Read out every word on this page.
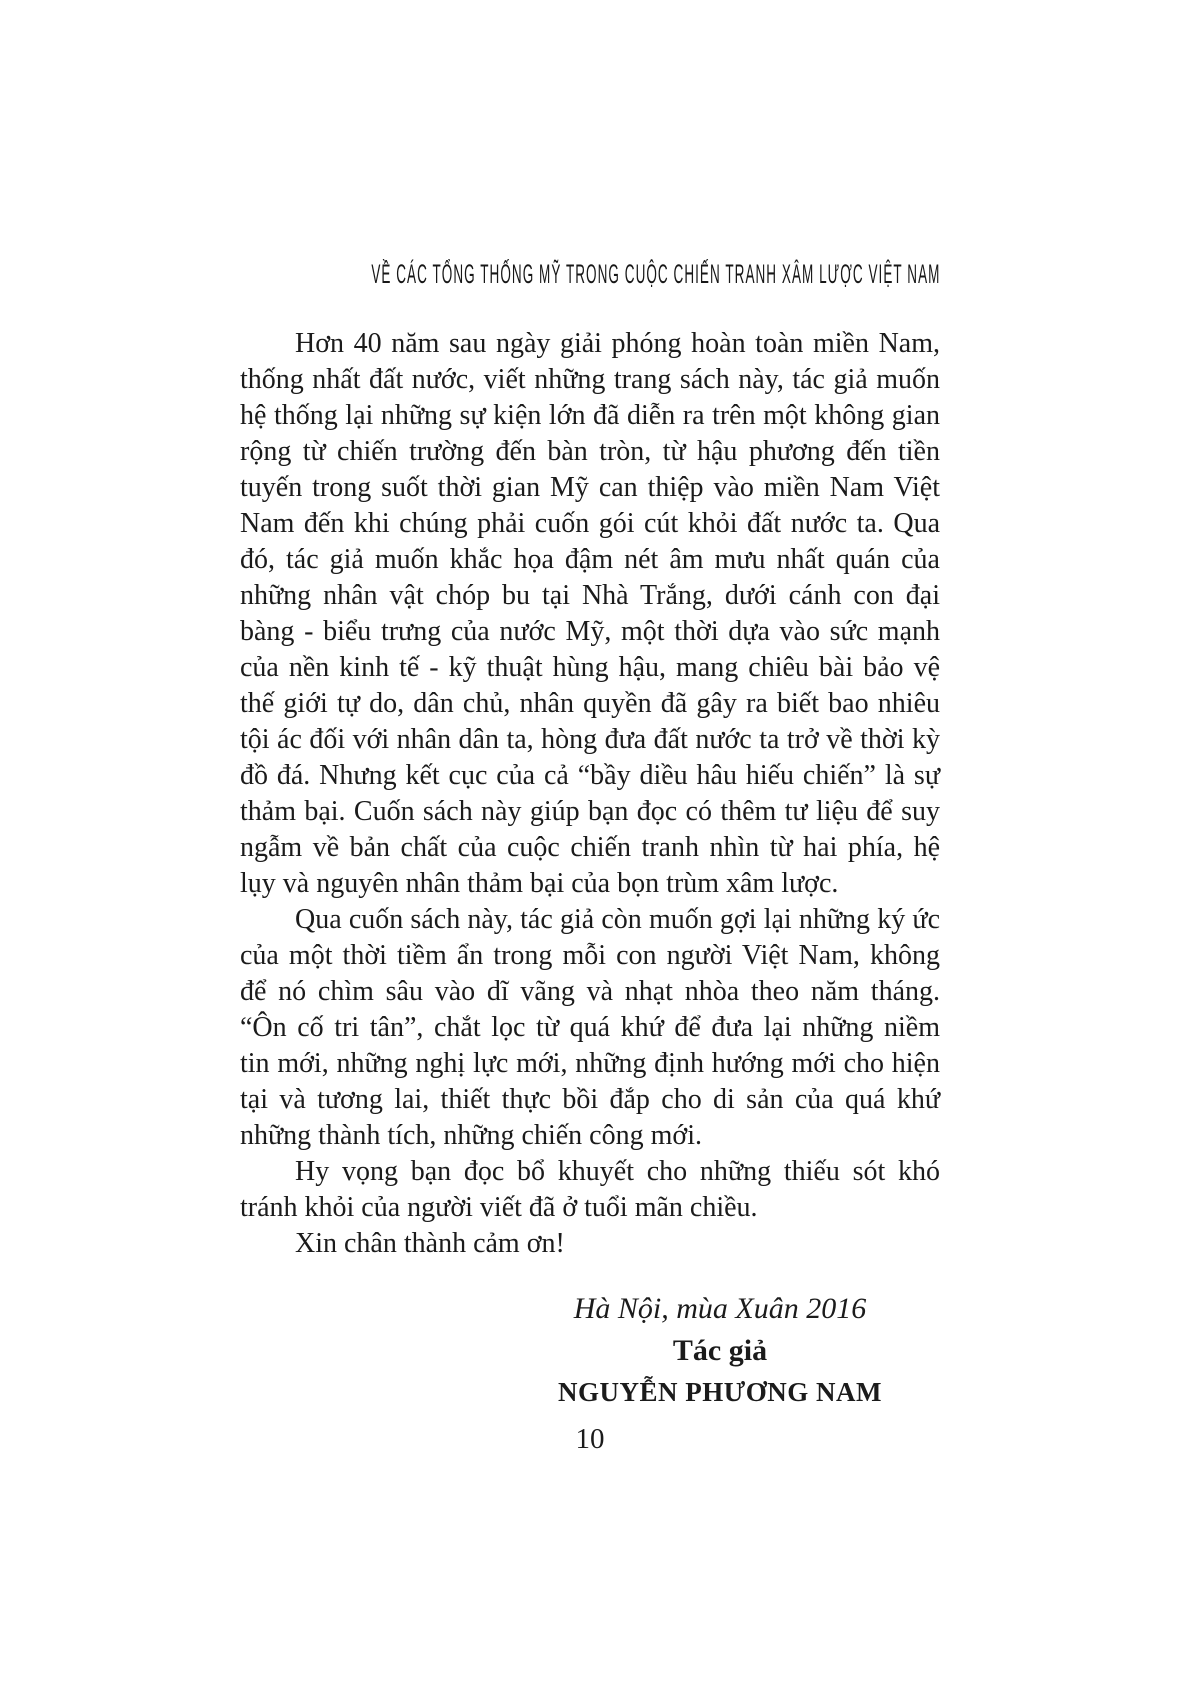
VỀ CÁC TỔNG THỐNG MỸ TRONG CUỘC CHIẾN TRANH XÂM LƯỢC VIỆT NAM
Hơn 40 năm sau ngày giải phóng hoàn toàn miền Nam,
thống nhất đất nước, viết những trang sách này, tác giả muốn
hệ thống lại những sự kiện lớn đã diễn ra trên một không gian
rộng từ chiến trường đến bàn tròn, từ hậu phương đến tiền
tuyến trong suốt thời gian Mỹ can thiệp vào miền Nam Việt
Nam đến khi chúng phải cuốn gói cút khỏi đất nước ta. Qua
đó, tác giả muốn khắc họa đậm nét âm mưu nhất quán của
những nhân vật chóp bu tại Nhà Trắng, dưới cánh con đại
bàng - biểu trưng của nước Mỹ, một thời dựa vào sức mạnh
của nền kinh tế - kỹ thuật hùng hậu, mang chiêu bài bảo vệ
thế giới tự do, dân chủ, nhân quyền đã gây ra biết bao nhiêu
tội ác đối với nhân dân ta, hòng đưa đất nước ta trở về thời kỳ
đồ đá. Nhưng kết cục của cả “bầy diều hâu hiếu chiến” là sự
thảm bại. Cuốn sách này giúp bạn đọc có thêm tư liệu để suy
ngẫm về bản chất của cuộc chiến tranh nhìn từ hai phía, hệ
lụy và nguyên nhân thảm bại của bọn trùm xâm lược.
Qua cuốn sách này, tác giả còn muốn gợi lại những ký ức
của một thời tiềm ẩn trong mỗi con người Việt Nam, không
để nó chìm sâu vào dĩ vãng và nhạt nhòa theo năm tháng.
“Ôn cố tri tân”, chắt lọc từ quá khứ để đưa lại những niềm
tin mới, những nghị lực mới, những định hướng mới cho hiện
tại và tương lai, thiết thực bồi đắp cho di sản của quá khứ
những thành tích, những chiến công mới.
Hy vọng bạn đọc bổ khuyết cho những thiếu sót khó
tránh khỏi của người viết đã ở tuổi mãn chiều.
Xin chân thành cảm ơn!
Hà Nội, mùa Xuân 2016
Tác giả
NGUYỄN PHƯƠNG NAM
10
